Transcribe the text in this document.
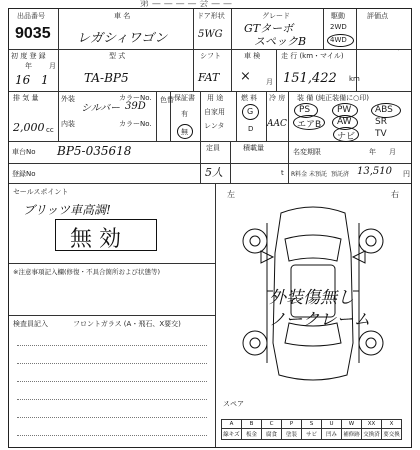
出品番号
9035
車 名
レガシィワゴン
ドア形状
5WG
グレード
GTターボ
スペックB
駆動
2WD
4WD
評価点
初 度 登 録
年 月
16 1
型 式
TA-BP5
シフト
FAT
車 検
× 月
走 行 (km・マイル)
151,422 km
排 気 量
2,000 cc
外装
シルバー
カラーNo.
39D
内装	カラーNo.
色替 保証書
有
無
用 途
自家用
レンタ
燃 料
G
D
冷 房
AAC
装 備 (純正装備に○印)
PS	PW	ABS
エアB AW	SR
ナビ TV
車台No BP5-035618	定員	積載量	名変期限	年 月
登録No	5人	t R料金 未預託 預託済 13,510 円
セールスポイント
ブリッツ車高調!
無 効
※注意事項記入欄(修復・不具合箇所および状態等)
検査員記入	フロントガラス (A・飛石、X要交)
左	右
外装傷無し
ノークレーム
スペア
A	B	C	P	S	U	W	XX	X
線キズ	板金	腐食	塗装	サビ	凹み	補修跡	交換済	要交換
第 — — — — 会 — —
